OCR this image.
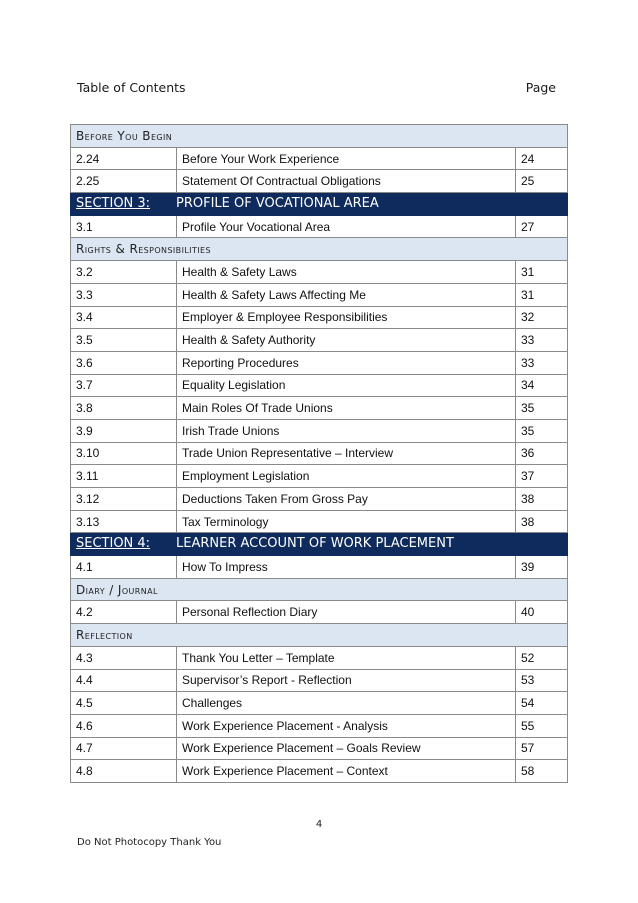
Table of Contents	Page
Before You Begin		
2.24	Before Your Work Experience	24
2.25	Statement Of Contractual Obligations	25
SECTION 3: PROFILE OF VOCATIONAL AREA		
3.1	Profile Your Vocational Area	27
Rights & Responsibilities		
3.2	Health & Safety Laws	31
3.3	Health & Safety Laws Affecting Me	31
3.4	Employer & Employee Responsibilities	32
3.5	Health & Safety Authority	33
3.6	Reporting Procedures	33
3.7	Equality Legislation	34
3.8	Main Roles Of Trade Unions	35
3.9	Irish Trade Unions	35
3.10	Trade Union Representative – Interview	36
3.11	Employment Legislation	37
3.12	Deductions Taken From Gross Pay	38
3.13	Tax Terminology	38
SECTION 4: LEARNER ACCOUNT OF WORK PLACEMENT		
4.1	How To Impress	39
Diary / Journal		
4.2	Personal Reflection Diary	40
Reflection		
4.3	Thank You Letter – Template	52
4.4	Supervisor’s Report - Reflection	53
4.5	Challenges	54
4.6	Work Experience Placement - Analysis	55
4.7	Work Experience Placement – Goals Review	57
4.8	Work Experience Placement – Context	58
4
Do Not Photocopy Thank You
